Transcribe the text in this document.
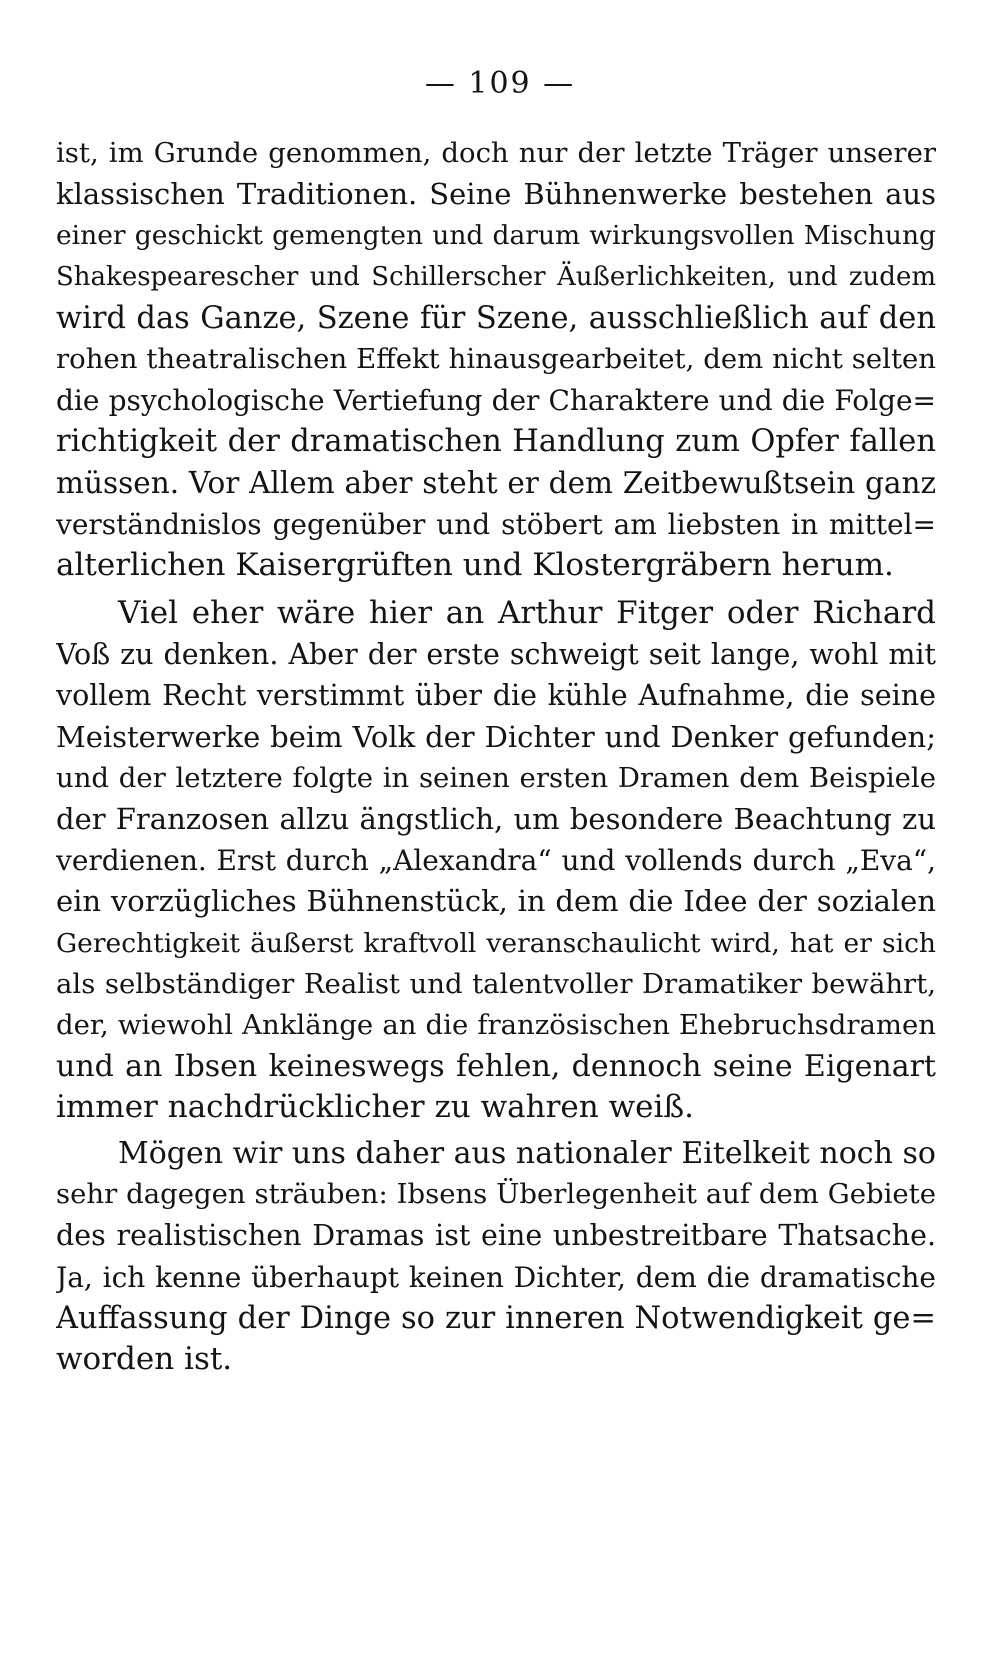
— 109 —
ist, im Grunde genommen, doch nur der letzte Träger unserer
klassischen Traditionen. Seine Bühnenwerke bestehen aus
einer geschickt gemengten und darum wirkungsvollen Mischung
Shakespearescher und Schillerscher Äußerlichkeiten, und zudem
wird das Ganze, Szene für Szene, ausschließlich auf den
rohen theatralischen Effekt hinausgearbeitet, dem nicht selten
die psychologische Vertiefung der Charaktere und die Folge=
richtigkeit der dramatischen Handlung zum Opfer fallen
müssen. Vor Allem aber steht er dem Zeitbewußtsein ganz
verständnislos gegenüber und stöbert am liebsten in mittel=
alterlichen Kaisergrüften und Klostergräbern herum.
Viel eher wäre hier an Arthur Fitger oder Richard
Voß zu denken. Aber der erste schweigt seit lange, wohl mit
vollem Recht verstimmt über die kühle Aufnahme, die seine
Meisterwerke beim Volk der Dichter und Denker gefunden;
und der letztere folgte in seinen ersten Dramen dem Beispiele
der Franzosen allzu ängstlich, um besondere Beachtung zu
verdienen. Erst durch „Alexandra“ und vollends durch „Eva“,
ein vorzügliches Bühnenstück, in dem die Idee der sozialen
Gerechtigkeit äußerst kraftvoll veranschaulicht wird, hat er sich
als selbständiger Realist und talentvoller Dramatiker bewährt,
der, wiewohl Anklänge an die französischen Ehebruchsdramen
und an Ibsen keineswegs fehlen, dennoch seine Eigenart
immer nachdrücklicher zu wahren weiß.
Mögen wir uns daher aus nationaler Eitelkeit noch so
sehr dagegen sträuben: Ibsens Überlegenheit auf dem Gebiete
des realistischen Dramas ist eine unbestreitbare Thatsache.
Ja, ich kenne überhaupt keinen Dichter, dem die dramatische
Auffassung der Dinge so zur inneren Notwendigkeit ge=
worden ist.
